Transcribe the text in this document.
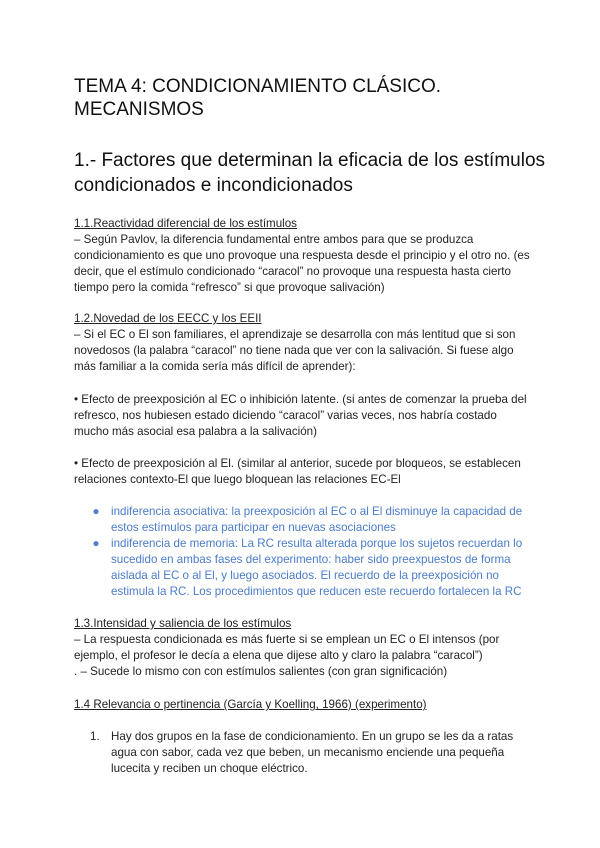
TEMA 4: CONDICIONAMIENTO CLÁSICO. MECANISMOS
1.- Factores que determinan la eficacia de los estímulos condicionados e incondicionados

1.1.Reactividad diferencial de los estímulos

– Según Pavlov, la diferencia fundamental entre ambos para que se produzca condicionamiento es que uno provoque una respuesta desde el principio y el otro no. (es decir, que el estímulo condicionado “caracol” no provoque una respuesta hasta cierto tiempo pero la comida “refresco” si que provoque salivación)

1.2.Novedad de los EECC y los EEII

– Si el EC o El son familiares, el aprendizaje se desarrolla con más lentitud que si son novedosos (la palabra “caracol” no tiene nada que ver con la salivación. Si fuese algo más familiar a la comida sería más difícil de aprender):

• Efecto de preexposición al EC o inhibición latente. (si antes de comenzar la prueba del refresco, nos hubiesen estado diciendo “caracol” varias veces, nos habría costado mucho más asocial esa palabra a la salivación)
• Efecto de preexposición al El. (similar al anterior, sucede por bloqueos, se establecen relaciones contexto-El que luego bloquean las relaciones EC-El
● indiferencia asociativa: la preexposición al EC o al El disminuye la capacidad de estos estímulos para participar en nuevas asociaciones
● indiferencia de memoria: La RC resulta alterada porque los sujetos recuerdan lo sucedido en ambas fases del experimento: haber sido preexpuestos de forma aislada al EC o al El, y luego asociados. El recuerdo de la preexposición no estimula la RC. Los procedimientos que reducen este recuerdo fortalecen la RC

1.3.Intensidad y saliencia de los estímulos

– La respuesta condicionada es más fuerte si se emplean un EC o El intensos (por ejemplo, el profesor le decía a elena que dijese alto y claro la palabra “caracol”)

. – Sucede lo mismo con con estímulos salientes (con gran significación)

1.4 Relevancia o pertinencia (García y Koelling, 1966) (experimento)

1. Hay dos grupos en la fase de condicionamiento. En un grupo se les da a ratas agua con sabor, cada vez que beben, un mecanismo enciende una pequeña lucecita y reciben un choque eléctrico.
